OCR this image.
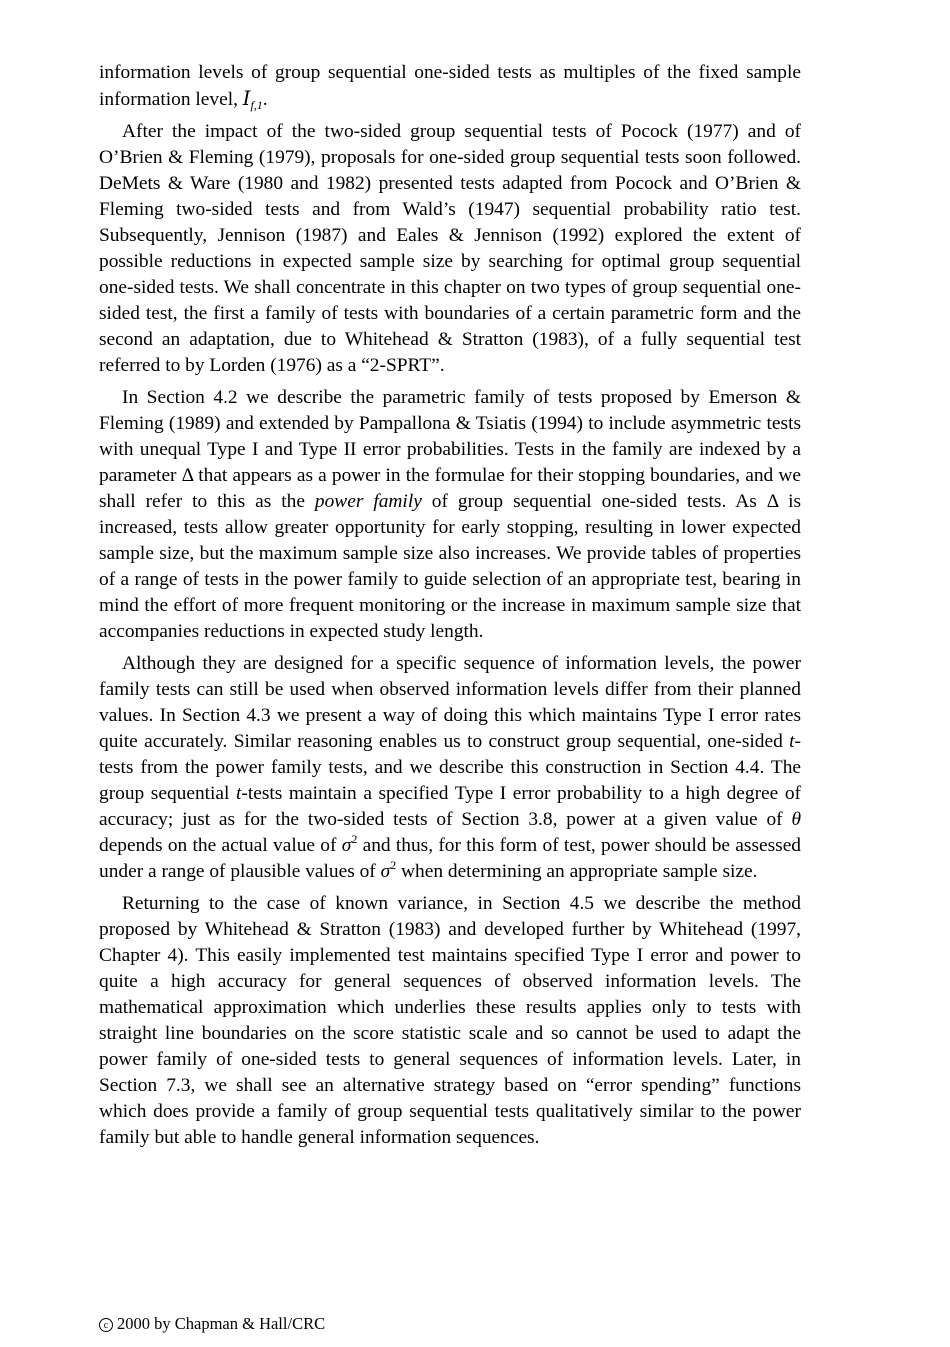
information levels of group sequential one-sided tests as multiples of the fixed sample information level, $I_{f,1}$.

After the impact of the two-sided group sequential tests of Pocock (1977) and of O’Brien & Fleming (1979), proposals for one-sided group sequential tests soon followed. DeMets & Ware (1980 and 1982) presented tests adapted from Pocock and O’Brien & Fleming two-sided tests and from Wald’s (1947) sequential probability ratio test. Subsequently, Jennison (1987) and Eales & Jennison (1992) explored the extent of possible reductions in expected sample size by searching for optimal group sequential one-sided tests. We shall concentrate in this chapter on two types of group sequential one-sided test, the first a family of tests with boundaries of a certain parametric form and the second an adaptation, due to Whitehead & Stratton (1983), of a fully sequential test referred to by Lorden (1976) as a “2-SPRT”.

In Section 4.2 we describe the parametric family of tests proposed by Emerson & Fleming (1989) and extended by Pampallona & Tsiatis (1994) to include asymmetric tests with unequal Type I and Type II error probabilities. Tests in the family are indexed by a parameter Δ that appears as a power in the formulae for their stopping boundaries, and we shall refer to this as the power family of group sequential one-sided tests. As Δ is increased, tests allow greater opportunity for early stopping, resulting in lower expected sample size, but the maximum sample size also increases. We provide tables of properties of a range of tests in the power family to guide selection of an appropriate test, bearing in mind the effort of more frequent monitoring or the increase in maximum sample size that accompanies reductions in expected study length.

Although they are designed for a specific sequence of information levels, the power family tests can still be used when observed information levels differ from their planned values. In Section 4.3 we present a way of doing this which maintains Type I error rates quite accurately. Similar reasoning enables us to construct group sequential, one-sided t-tests from the power family tests, and we describe this construction in Section 4.4. The group sequential t-tests maintain a specified Type I error probability to a high degree of accuracy; just as for the two-sided tests of Section 3.8, power at a given value of θ depends on the actual value of $\sigma^2$ and thus, for this form of test, power should be assessed under a range of plausible values of $\sigma^2$ when determining an appropriate sample size.

Returning to the case of known variance, in Section 4.5 we describe the method proposed by Whitehead & Stratton (1983) and developed further by Whitehead (1997, Chapter 4). This easily implemented test maintains specified Type I error and power to quite a high accuracy for general sequences of observed information levels. The mathematical approximation which underlies these results applies only to tests with straight line boundaries on the score statistic scale and so cannot be used to adapt the power family of one-sided tests to general sequences of information levels. Later, in Section 7.3, we shall see an alternative strategy based on “error spending” functions which does provide a family of group sequential tests qualitatively similar to the power family but able to handle general information sequences.

c 2000 by Chapman & Hall/CRC
